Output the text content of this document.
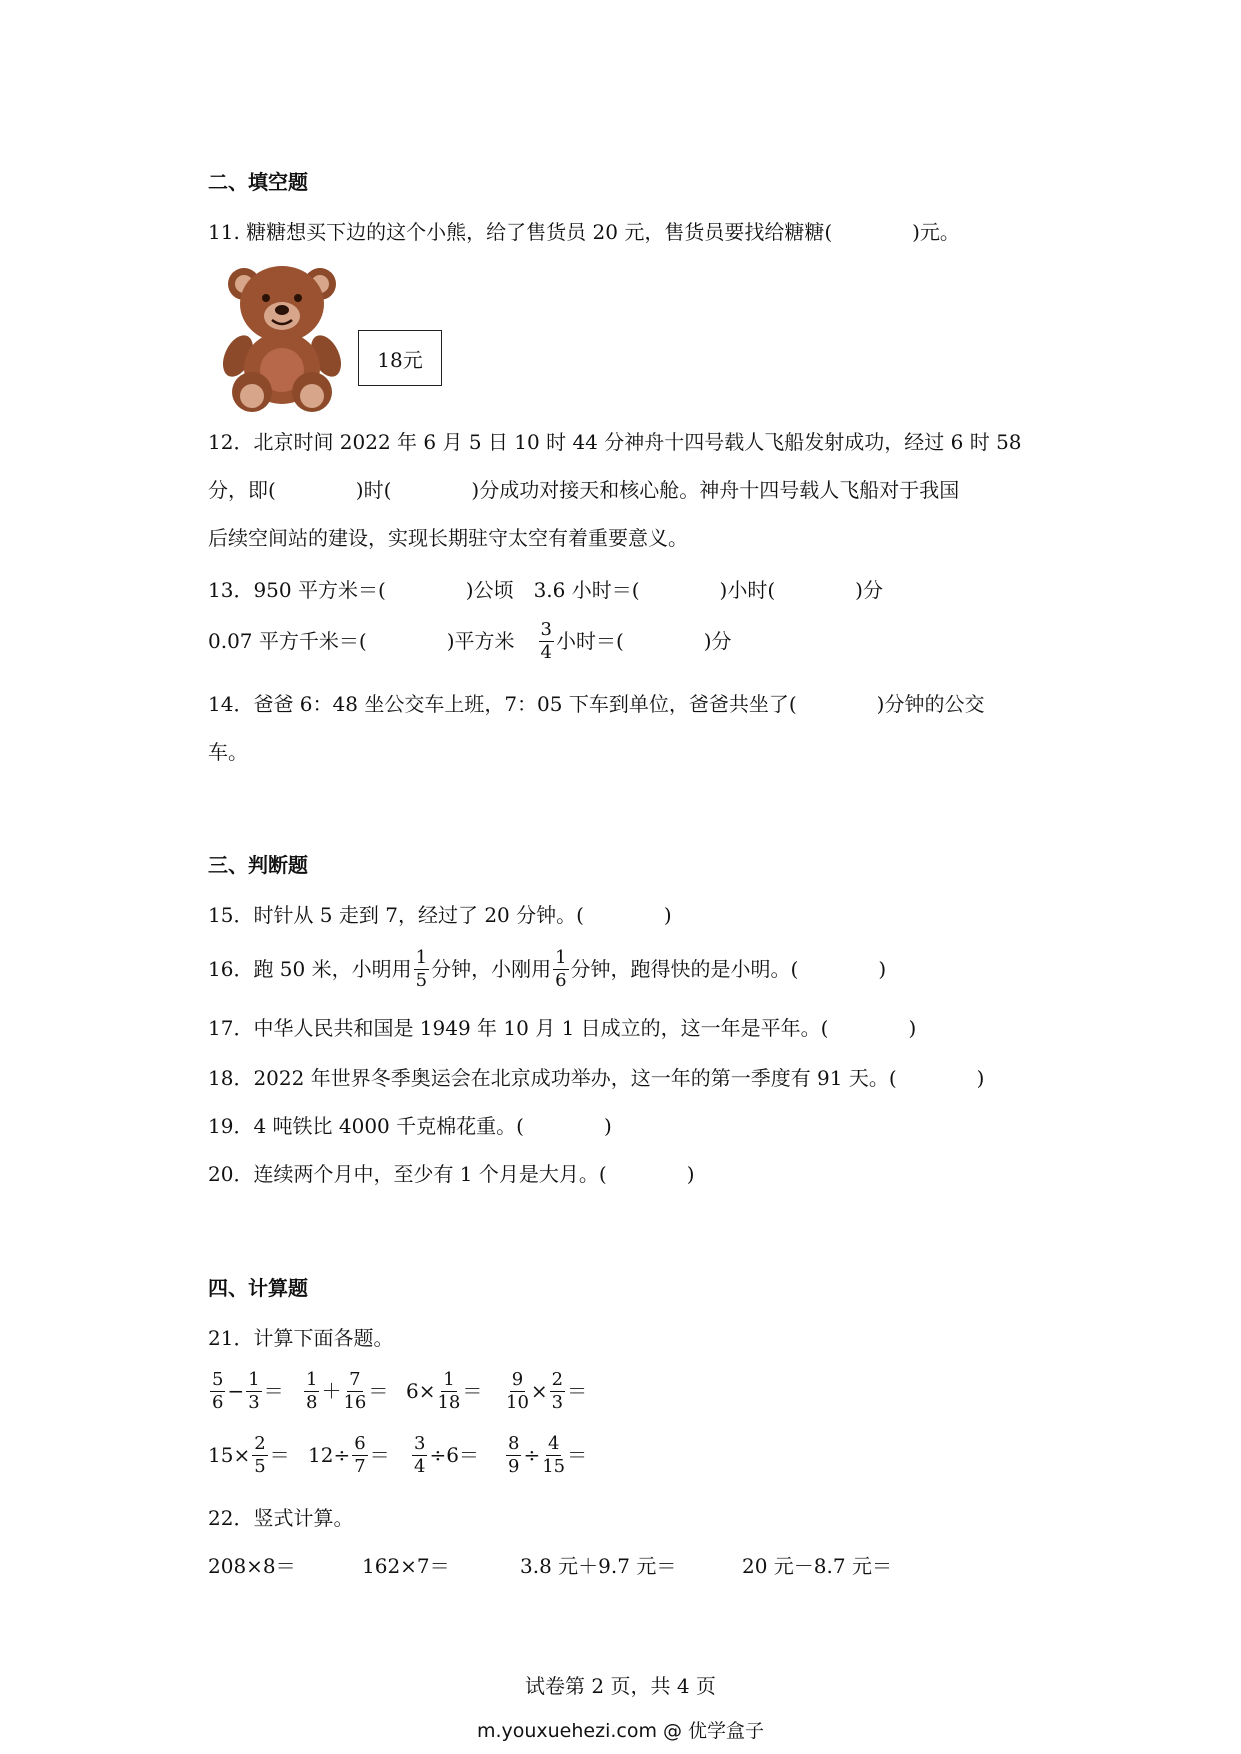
二、填空题
11. 糖糖想买下边的这个小熊，给了售货员 20 元，售货员要找给糖糖(　　　　)元。
18元
12．北京时间 2022 年 6 月 5 日 10 时 44 分神舟十四号载人飞船发射成功，经过 6 时 58
分，即(　　　　)时(　　　　)分成功对接天和核心舱。神舟十四号载人飞船对于我国
后续空间站的建设，实现长期驻守太空有着重要意义。
13．950 平方米＝(　　　　)公顷　3.6 小时＝(　　　　)小时(　　　　)分
0.07 平方千米＝(　　　　)平方米 $\frac{3}{4}$ 小时＝(　　　　)分
14．爸爸 6：48 坐公交车上班，7：05 下车到单位，爸爸共坐了(　　　　)分钟的公交
车。
三、判断题
15．时针从 5 走到 7，经过了 20 分钟。(　　　　)
16．跑 50 米，小明用 $\frac{1}{5}$ 分钟，小刚用 $\frac{1}{6}$ 分钟，跑得快的是小明。(　　　　)
17．中华人民共和国是 1949 年 10 月 1 日成立的，这一年是平年。(　　　　)
18．2022 年世界冬季奥运会在北京成功举办，这一年的第一季度有 91 天。(　　　　)
19．4 吨铁比 4000 千克棉花重。(　　　　)
20．连续两个月中，至少有 1 个月是大月。(　　　　)
四、计算题
21．计算下面各题。
$\frac{5}{6} - \frac{1}{3} = \frac{1}{8} + \frac{7}{16} = 6\times \frac{1}{18} = \frac{9}{10} \times \frac{2}{3}$ ＝
$15\times \frac{2}{5} = 12\div \frac{6}{7} = \frac{3}{4} \div 6= \frac{8}{9} \div \frac{4}{15}$ ＝
22．竖式计算。
208×8＝	162×7＝	3.8 元＋9.7 元＝	20 元－8.7 元＝
试卷第 2 页，共 4 页
m.youxuehezi.com @ 优学盒子
